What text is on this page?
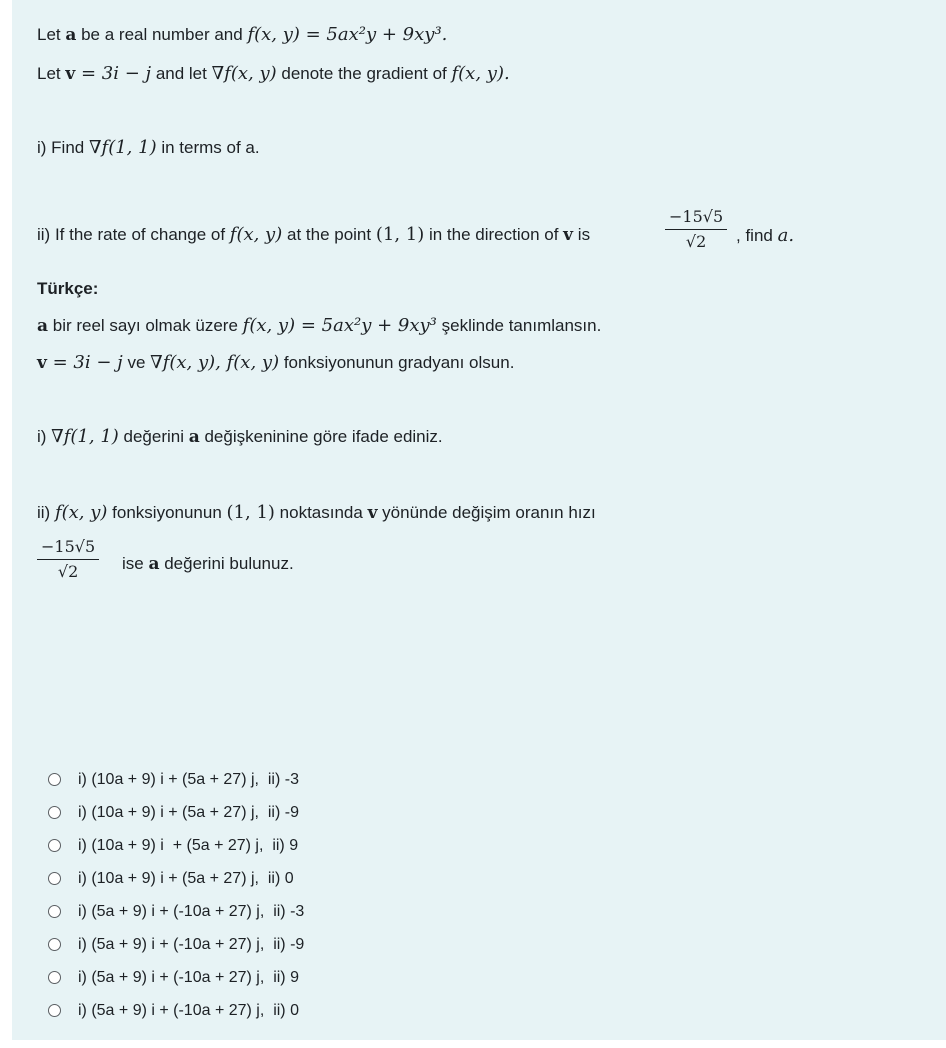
Let a be a real number and f(x, y) = 5ax²y + 9xy³.
Let v = 3i − j and let ∇f(x, y) denote the gradient of f(x, y).
i) Find ∇f(1, 1) in terms of a.
ii) If the rate of change of f(x, y) at the point (1, 1) in the direction of v is	$\frac{-15√5}{√2}$ , find a.
Türkçe:
a bir reel sayı olmak üzere f(x, y) = 5ax²y + 9xy³ şeklinde tanımlansın.
v = 3i − j ve ∇f(x, y), f(x, y) fonksiyonunun gradyanı olsun.
i) ∇f(1, 1) değerini a değişkeninine göre ifade ediniz.
ii) f(x, y) fonksiyonunun (1, 1) noktasında v yönünde değişim oranın hızı
$\frac{-15√5}{√2}$ ise a değerini bulunuz.
i) (10a + 9) i + (5a + 27) j,  ii) -3
i) (10a + 9) i + (5a + 27) j,  ii) -9
i) (10a + 9) i  + (5a + 27) j,  ii) 9
i) (10a + 9) i + (5a + 27) j,  ii) 0
i) (5a + 9) i + (-10a + 27) j,  ii) -3
i) (5a + 9) i + (-10a + 27) j,  ii) -9
i) (5a + 9) i + (-10a + 27) j,  ii) 9
i) (5a + 9) i + (-10a + 27) j,  ii) 0
